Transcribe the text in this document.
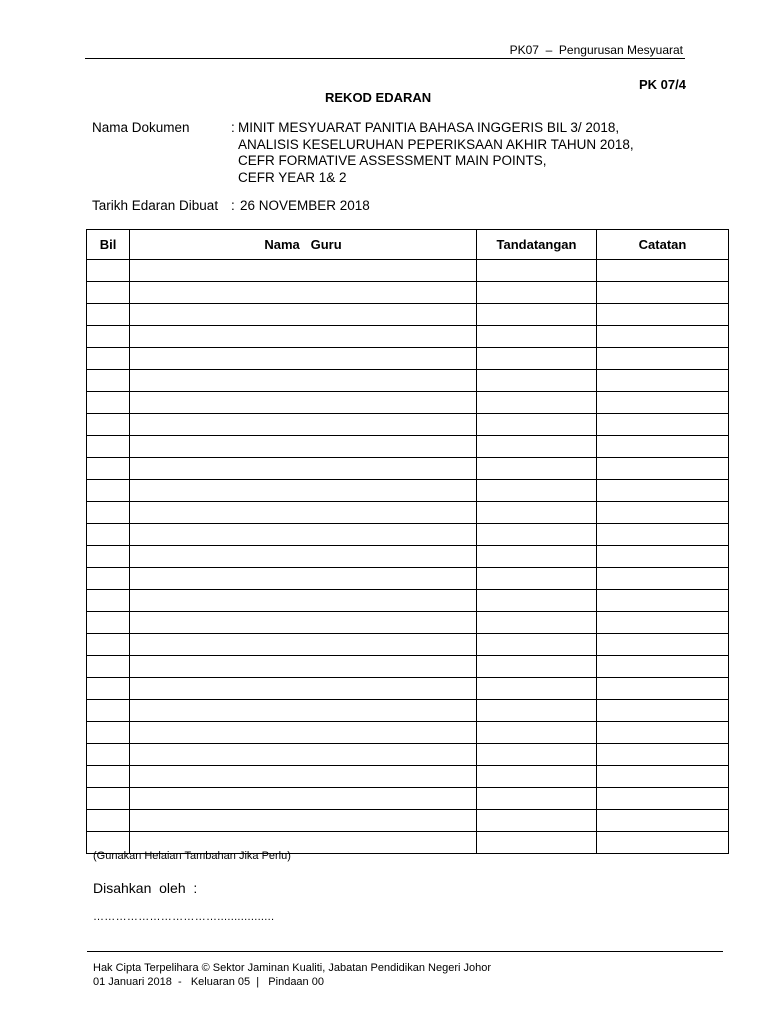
PK07  –  Pengurusan Mesyuarat
PK 07/4
REKOD EDARAN
Nama Dokumen	: MINIT MESYUARAT PANITIA BAHASA INGGERIS BIL 3/ 2018,
ANALISIS KESELURUHAN PEPERIKSAAN AKHIR TAHUN 2018,
CEFR FORMATIVE ASSESSMENT MAIN POINTS,
CEFR YEAR 1& 2
Tarikh Edaran Dibuat : 26 NOVEMBER 2018
Bil	Nama   Guru	Tandatangan	Catatan

(Gunakan Helaian Tambahan Jika Perlu)
Disahkan  oleh  :
…………………………….................
Hak Cipta Terpelihara © Sektor Jaminan Kualiti, Jabatan Pendidikan Negeri Johor
01 Januari 2018  -   Keluaran 05  |   Pindaan 00
